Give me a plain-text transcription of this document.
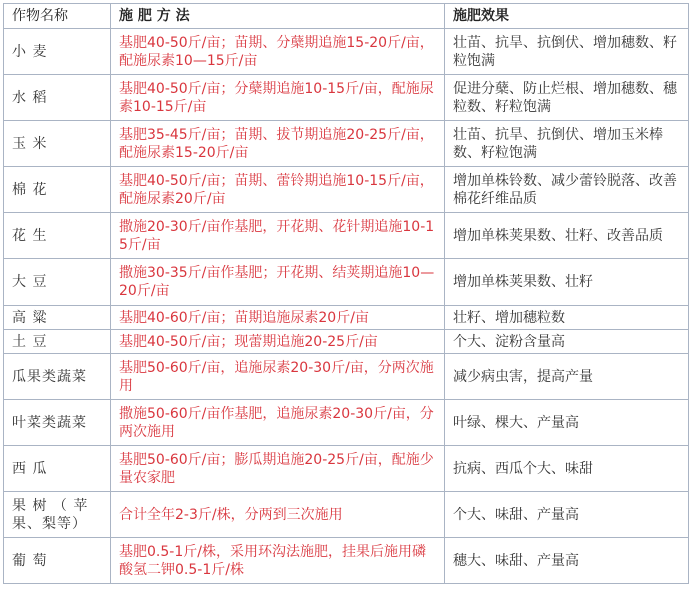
作物名称	施 肥 方 法	施肥效果
小 麦	基肥40-50斤/亩；苗期、分蘖期追施15-20斤/亩，配施尿素10—15斤/亩	壮苗、抗旱、抗倒伏、增加穗数、籽粒饱满
水 稻	基肥40-50斤/亩；分蘖期追施10-15斤/亩，配施尿素10-15斤/亩	促进分蘖、防止烂根、增加穗数、穗粒数、籽粒饱满
玉 米	基肥35-45斤/亩；苗期、拔节期追施20-25斤/亩，配施尿素15-20斤/亩	壮苗、抗旱、抗倒伏、增加玉米棒数、籽粒饱满
棉 花	基肥40-50斤/亩；苗期、蕾铃期追施10-15斤/亩，配施尿素20斤/亩	增加单株铃数、减少蕾铃脱落、改善棉花纤维品质
花 生	撒施20-30斤/亩作基肥，开花期、花针期追施10-15斤/亩	增加单株荚果数、壮籽、改善品质
大 豆	撒施30-35斤/亩作基肥；开花期、结荚期追施10—20斤/亩	增加单株荚果数、壮籽
高 粱	基肥40-60斤/亩；苗期追施尿素20斤/亩	壮籽、增加穗粒数
土 豆	基肥40-50斤/亩；现蕾期追施20-25斤/亩	个大、淀粉含量高
瓜果类蔬菜	基肥50-60斤/亩，追施尿素20-30斤/亩，分两次施用	减少病虫害，提高产量
叶菜类蔬菜	撒施50-60斤/亩作基肥，追施尿素20-30斤/亩，分两次施用	叶绿、棵大、产量高
西 瓜	基肥50-60斤/亩；膨瓜期追施20-25斤/亩，配施少量农家肥	抗病、西瓜个大、味甜
果 树 （ 苹果、梨等）	合计全年2-3斤/株，分两到三次施用	个大、味甜、产量高
葡 萄	基肥0.5-1斤/株，采用环沟法施肥，挂果后施用磷酸氢二钾0.5-1斤/株	穗大、味甜、产量高
